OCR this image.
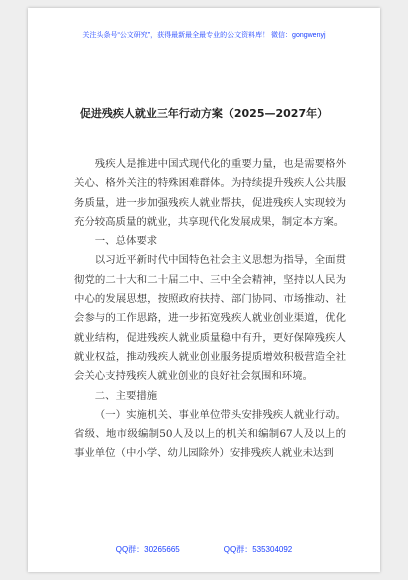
关注头条号“公文研究”，获得最新最全最专业的公文资料库！ 微信：gongwenyj
促进残疾人就业三年行动方案（2025—2027年）

残疾人是推进中国式现代化的重要力量，也是需要格外关心、格外关注的特殊困难群体。为持续提升残疾人公共服务质量，进一步加强残疾人就业帮扶，促进残疾人实现较为充分较高质量的就业，共享现代化发展成果，制定本方案。

一、总体要求

以习近平新时代中国特色社会主义思想为指导，全面贯彻党的二十大和二十届二中、三中全会精神，坚持以人民为中心的发展思想，按照政府扶持、部门协同、市场推动、社会参与的工作思路，进一步拓宽残疾人就业创业渠道，优化就业结构，促进残疾人就业质量稳中有升，更好保障残疾人就业权益，推动残疾人就业创业服务提质增效积极营造全社会关心支持残疾人就业创业的良好社会氛围和环境。

二、主要措施

（一）实施机关、事业单位带头安排残疾人就业行动。省级、地市级编制50人及以上的机关和编制67人及以上的事业单位（中小学、幼儿园除外）安排残疾人就业未达到

QQ群：30265665	QQ群：535304092
